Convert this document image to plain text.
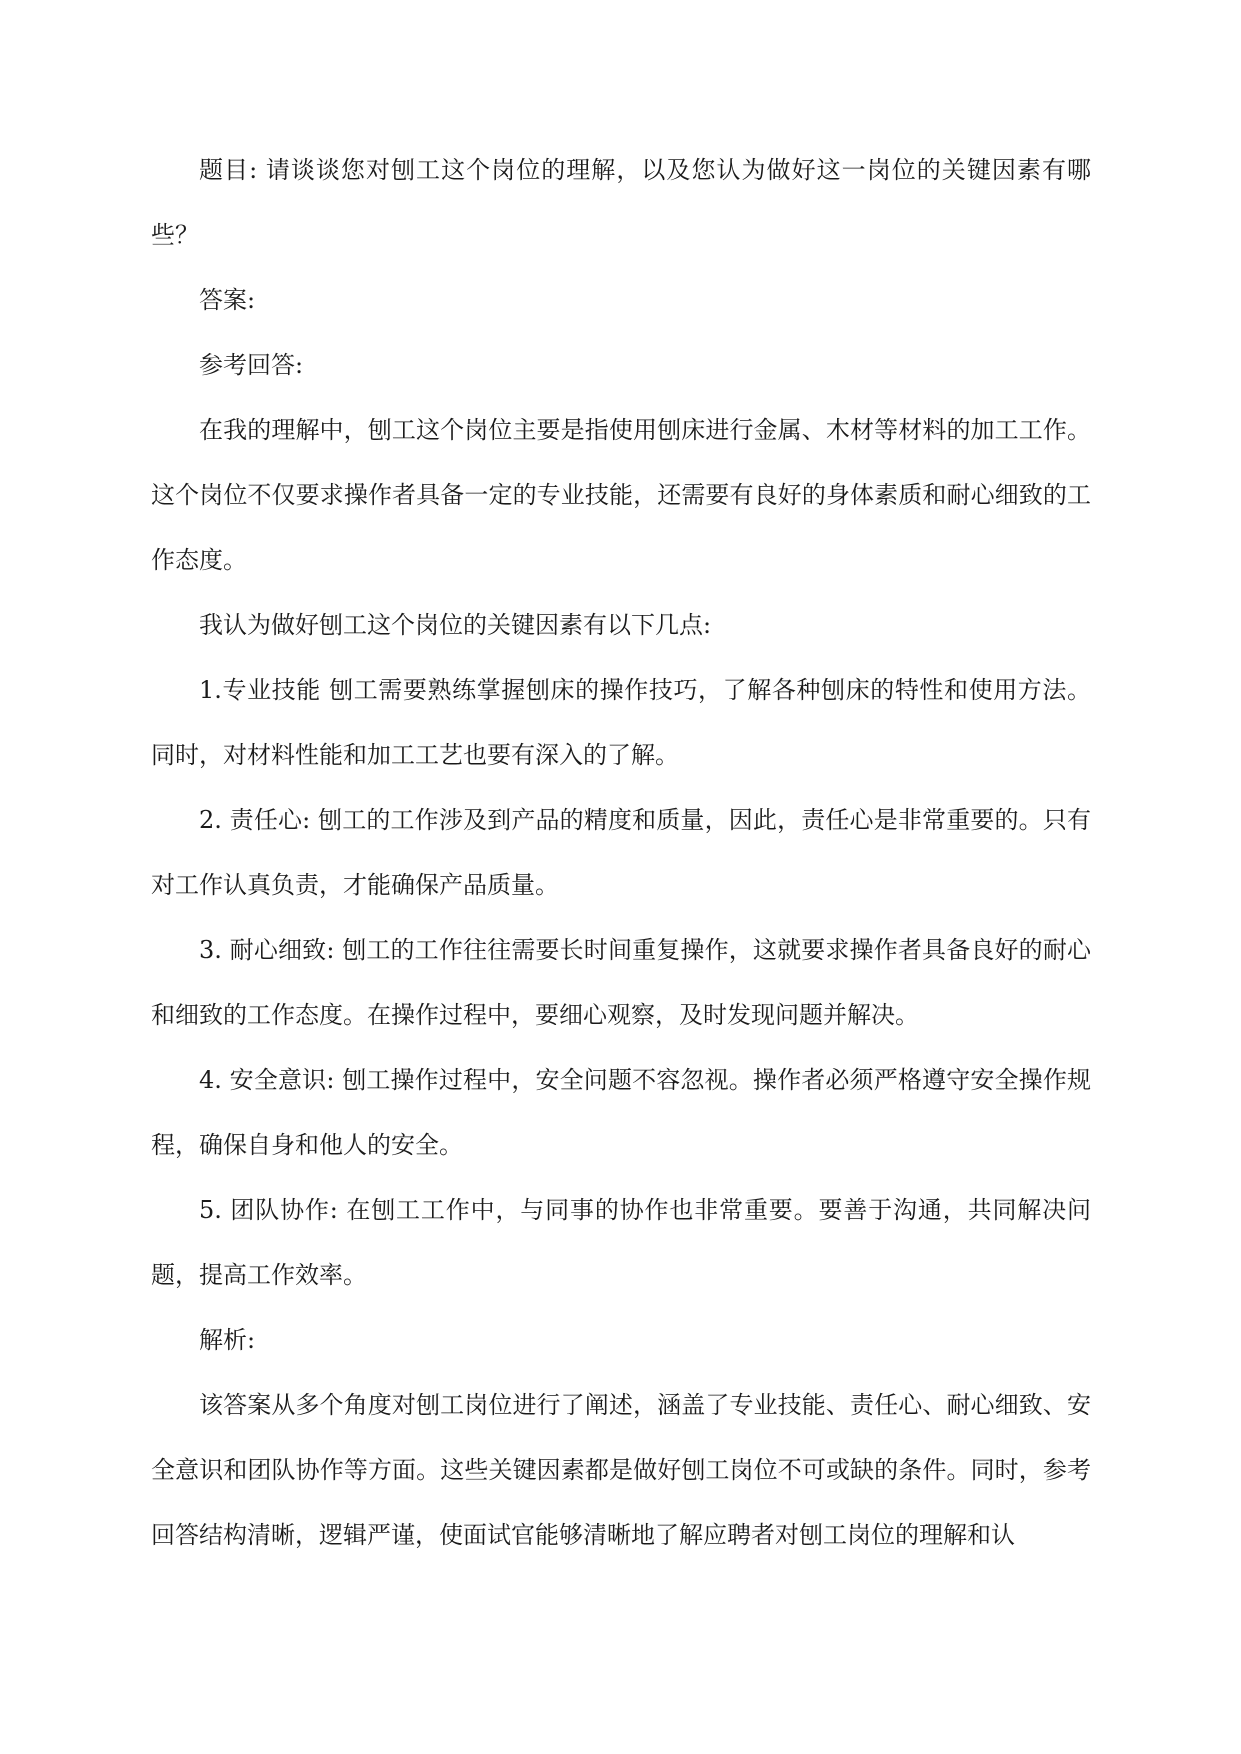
题目: 请谈谈您对刨工这个岗位的理解，以及您认为做好这一岗位的关键因素有哪些？

答案:

参考回答:

在我的理解中，刨工这个岗位主要是指使用刨床进行金属、木材等材料的加工工作。这个岗位不仅要求操作者具备一定的专业技能，还需要有良好的身体素质和耐心细致的工作态度。

我认为做好刨工这个岗位的关键因素有以下几点:

1.专业技能 刨工需要熟练掌握刨床的操作技巧，了解各种刨床的特性和使用方法。同时，对材料性能和加工工艺也要有深入的了解。

2. 责任心: 刨工的工作涉及到产品的精度和质量，因此，责任心是非常重要的。只有对工作认真负责，才能确保产品质量。

3. 耐心细致: 刨工的工作往往需要长时间重复操作，这就要求操作者具备良好的耐心和细致的工作态度。在操作过程中，要细心观察，及时发现问题并解决。

4. 安全意识: 刨工操作过程中，安全问题不容忽视。操作者必须严格遵守安全操作规程，确保自身和他人的安全。

5. 团队协作: 在刨工工作中，与同事的协作也非常重要。要善于沟通，共同解决问题，提高工作效率。

解析:

该答案从多个角度对刨工岗位进行了阐述，涵盖了专业技能、责任心、耐心细致、安全意识和团队协作等方面。这些关键因素都是做好刨工岗位不可或缺的条件。同时，参考回答结构清晰，逻辑严谨，使面试官能够清晰地了解应聘者对刨工岗位的理解和认
